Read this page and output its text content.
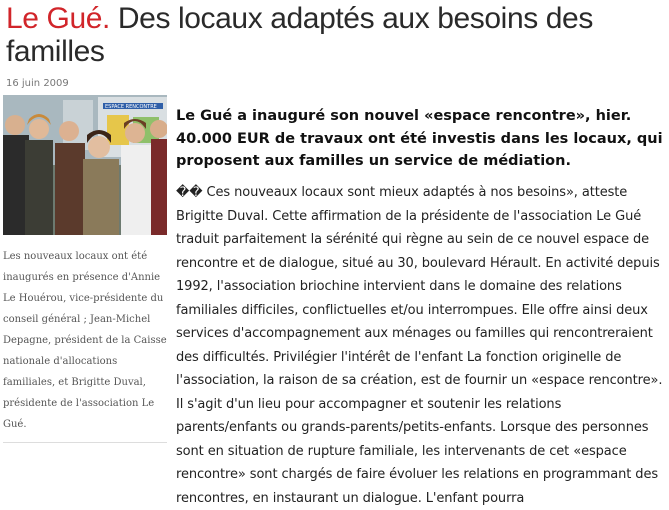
Le Gué. Des locaux adaptés aux besoins des familles
16 juin 2009
ESPACE RENCONTRE
Les nouveaux locaux ont été inaugurés en présence d'Annie Le Houérou, vice-présidente du conseil général ; Jean-Michel Depagne, président de la Caisse nationale d'allocations familiales, et Brigitte Duval, présidente de l'association Le Gué.

Le Gué a inauguré son nouvel «espace rencontre», hier. 40.000 EUR de travaux ont été investis dans les locaux, qui proposent aux familles un service de médiation.

�� Ces nouveaux locaux sont mieux adaptés à nos besoins», atteste Brigitte Duval. Cette affirmation de la présidente de l'association Le Gué traduit parfaitement la sérénité qui règne au sein de ce nouvel espace de rencontre et de dialogue, situé au 30, boulevard Hérault. En activité depuis 1992, l'association briochine intervient dans le domaine des relations familiales difficiles, conflictuelles et/ou interrompues. Elle offre ainsi deux services d'accompagnement aux ménages ou familles qui rencontreraient des difficultés. Privilégier l'intérêt de l'enfant La fonction originelle de l'association, la raison de sa création, est de fournir un «espace rencontre». Il s'agit d'un lieu pour accompagner et soutenir les relations parents/enfants ou grands-parents/petits-enfants. Lorsque des personnes sont en situation de rupture familiale, les intervenants de cet «espace rencontre» sont chargés de faire évoluer les relations en programmant des rencontres, en instaurant un dialogue. L'enfant pourra
